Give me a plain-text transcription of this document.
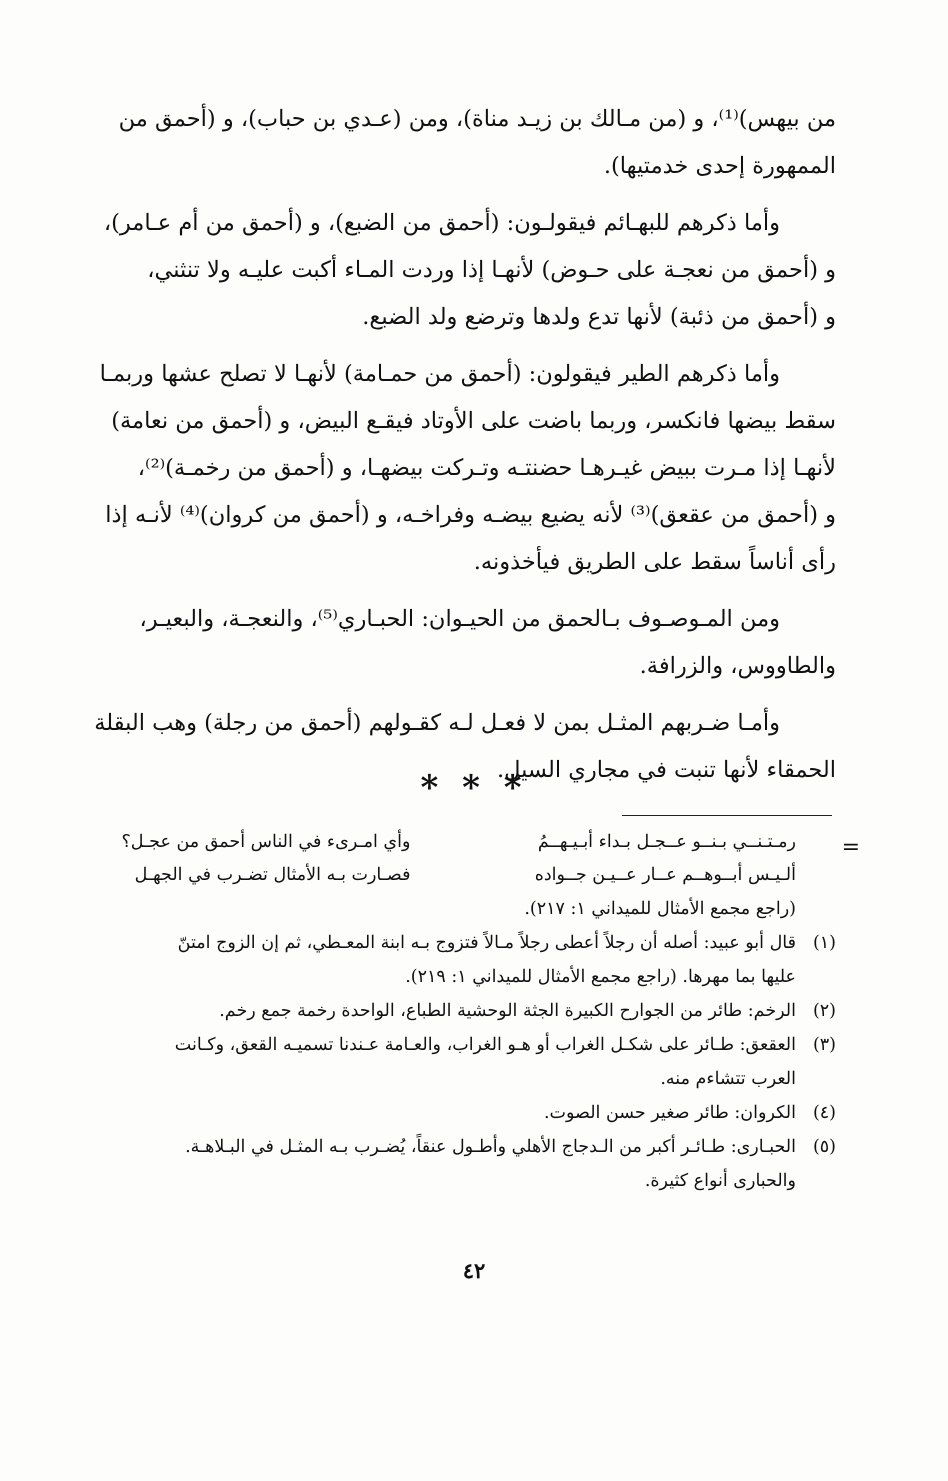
من بيهس)⁽¹⁾، و (من مـالك بن زيـد مناة)، ومن (عـدي بن حباب)، و (أحمق من
الممهورة إحدى خدمتيها).
وأما ذكرهم للبهـائم فيقولـون: (أحمق من الضبع)، و (أحمق من أم عـامر)،
و (أحمق من نعجـة على حـوض) لأنهـا إذا وردت المـاء أكبت عليـه ولا تنثني،
و (أحمق من ذئبة) لأنها تدع ولدها وترضع ولد الضبع.
وأما ذكرهم الطير فيقولون: (أحمق من حمـامة) لأنهـا لا تصلح عشها وربمـا
سقط بيضها فانكسر، وربما باضت على الأوتاد فيقـع البيض، و (أحمق من نعامة)
لأنهـا إذا مـرت ببيض غيـرهـا حضنتـه وتـركت بيضهـا، و (أحمق من رخمـة)⁽²⁾،
و (أحمق من عقعق)⁽³⁾ لأنه يضيع بيضـه وفراخـه، و (أحمق من كروان)⁽⁴⁾ لأنـه إذا
رأى أناساً سقط على الطريق فيأخذونه.
ومن المـوصـوف بـالحمق من الحيـوان: الحبـاري⁽⁵⁾، والنعجـة، والبعيـر،
والطاووس، والزرافة.
وأمـا ضـربهم المثـل بمن لا فعـل لـه كقـولهم (أحمق من رجلة) وهب البقلة
الحمقاء لأنها تنبت في مجاري السيل.
* * *
=
رمـتـنــي بـنــو عــجـل بـداء أبـيـهــمُ
وأي امـرىء في الناس أحمق من عجـل؟
ألـيـس أبــوهــم عــار عــيـن جــواده
فصـارت بـه الأمثال تضـرب في الجهـل
(راجع مجمع الأمثال للميداني ١: ٢١٧).
(١)
قال أبو عبيد: أصله أن رجلاً أعطى رجلاً مـالاً فتزوج بـه ابنة المعـطي، ثم إن الزوج امتنّ
عليها بما مهرها. (راجع مجمع الأمثال للميداني ١: ٢١٩).
(٢)
الرخم: طائر من الجوارح الكبيرة الجثة الوحشية الطباع، الواحدة رخمة جمع رخم.
(٣)
العقعق: طـائر على شكـل الغراب أو هـو الغراب، والعـامة عـندنا تسميـه القعق، وكـانت
العرب تتشاءم منه.
(٤)
الكروان: طائر صغير حسن الصوت.
(٥)
الحبـارى: طـائـر أكبر من الـدجاج الأهلي وأطـول عنقاً، يُضـرب بـه المثـل في البـلاهـة.
والحبارى أنواع كثيرة.
٤٢
